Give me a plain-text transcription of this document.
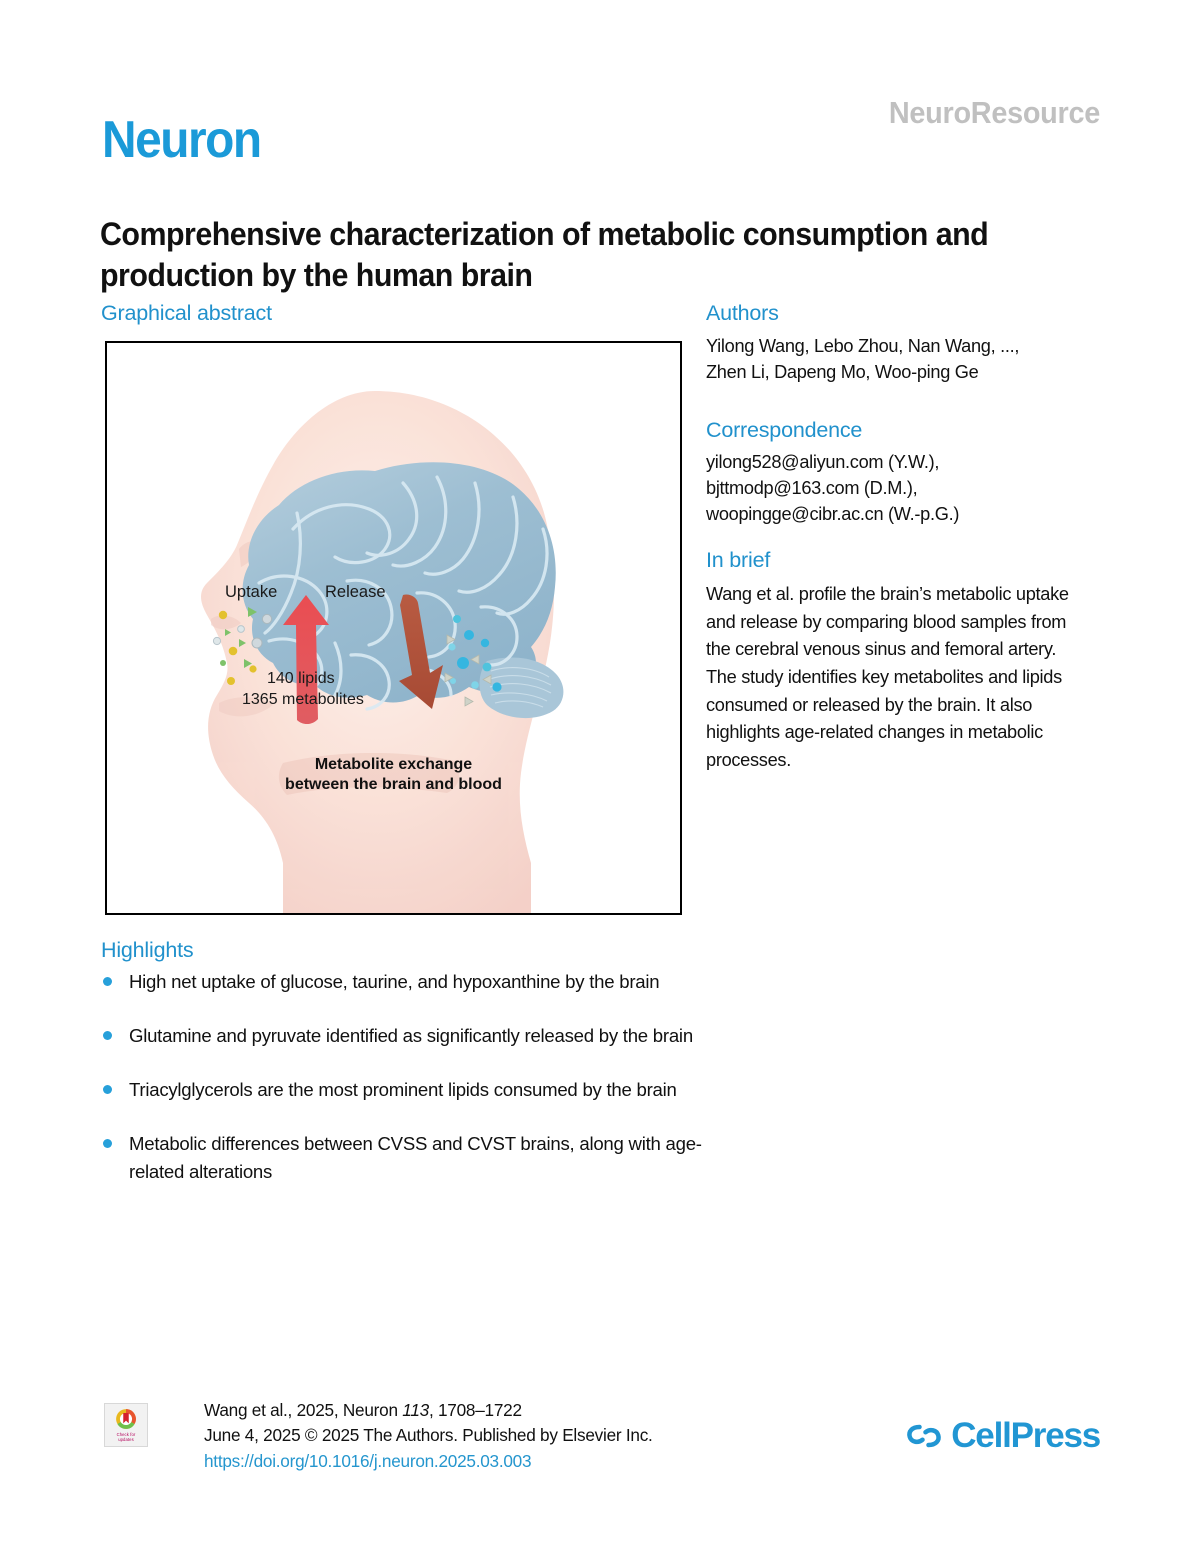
NeuroResource
Neuron
Comprehensive characterization of metabolic consumption and production by the human brain
Graphical abstract
Uptake	Release
140 lipids
1365 metabolites
Metabolite exchange
between the brain and blood
Highlights
High net uptake of glucose, taurine, and hypoxanthine by the brain
Glutamine and pyruvate identified as significantly released by the brain
Triacylglycerols are the most prominent lipids consumed by the brain
Metabolic differences between CVSS and CVST brains, along with age-related alterations
Authors
Yilong Wang, Lebo Zhou, Nan Wang, ...,
Zhen Li, Dapeng Mo, Woo-ping Ge
Correspondence
yilong528@aliyun.com (Y.W.),
bjttmodp@163.com (D.M.),
woopingge@cibr.ac.cn (W.-p.G.)
In brief
Wang et al. profile the brain’s metabolic uptake and release by comparing blood samples from the cerebral venous sinus and femoral artery. The study identifies key metabolites and lipids consumed or released by the brain. It also highlights age-related changes in metabolic processes.
Check for
updates
Wang et al., 2025, Neuron 113, 1708–1722
June 4, 2025 © 2025 The Authors. Published by Elsevier Inc.
https://doi.org/10.1016/j.neuron.2025.03.003
CellPress
